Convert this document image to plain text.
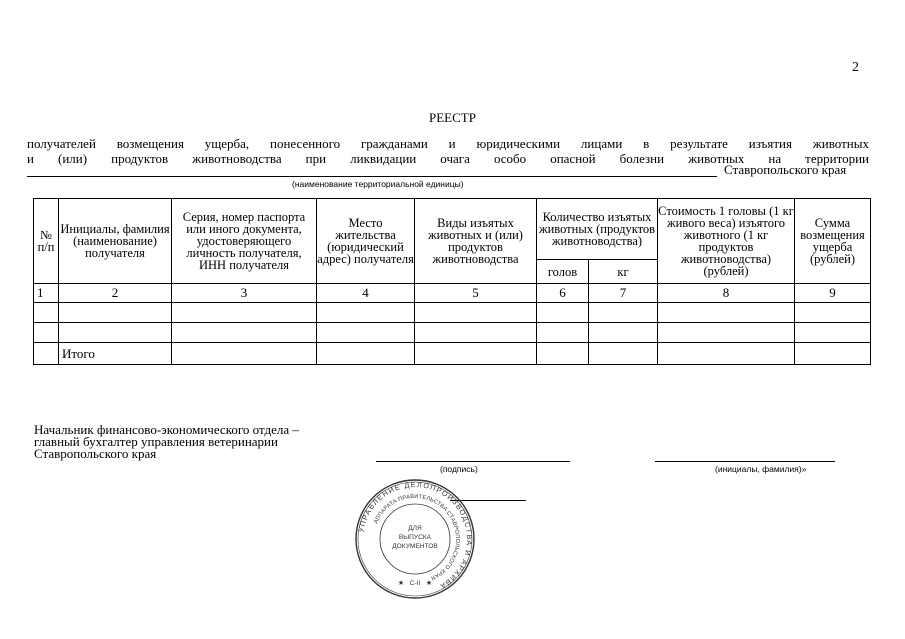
2
РЕЕСТР
получателей возмещения ущерба, понесенного гражданами и юридическими лицами в результате изъятия животных
и (или) продуктов животноводства при ликвидации очага особо опасной болезни животных на территории
Ставропольского края
(наименование территориальной единицы)
№ п/п	Инициалы, фамилия (наименование) получателя	Серия, номер паспорта или иного документа, удостоверяющего личность получателя, ИНН получателя	Место жительства (юридический адрес) получателя	Виды изъятых животных и (или) продуктов животноводства	Количество изъятых животных (продуктов животноводства)		Стоимость 1 головы (1 кг живого веса) изъятого животного (1 кг продуктов животноводства) (рублей)	Сумма возмещения ущерба (рублей)
					голов	кг		
1	2	3	4	5	6	7	8	9

	Итого							
Начальник финансово-экономического отдела –
главный бухгалтер управления ветеринарии
Ставропольского края
(подпись)	(инициалы, фамилия)»
УПРАВЛЕНИЕ ДЕЛОПРОИЗВОДСТВА И АРХИВА
АППАРАТА ПРАВИТЕЛЬСТВА СТАВРОПОЛЬСКОГО КРАЯ
ДЛЯ
ВЫПУСКА
ДОКУМЕНТОВ
С-II
★	★
